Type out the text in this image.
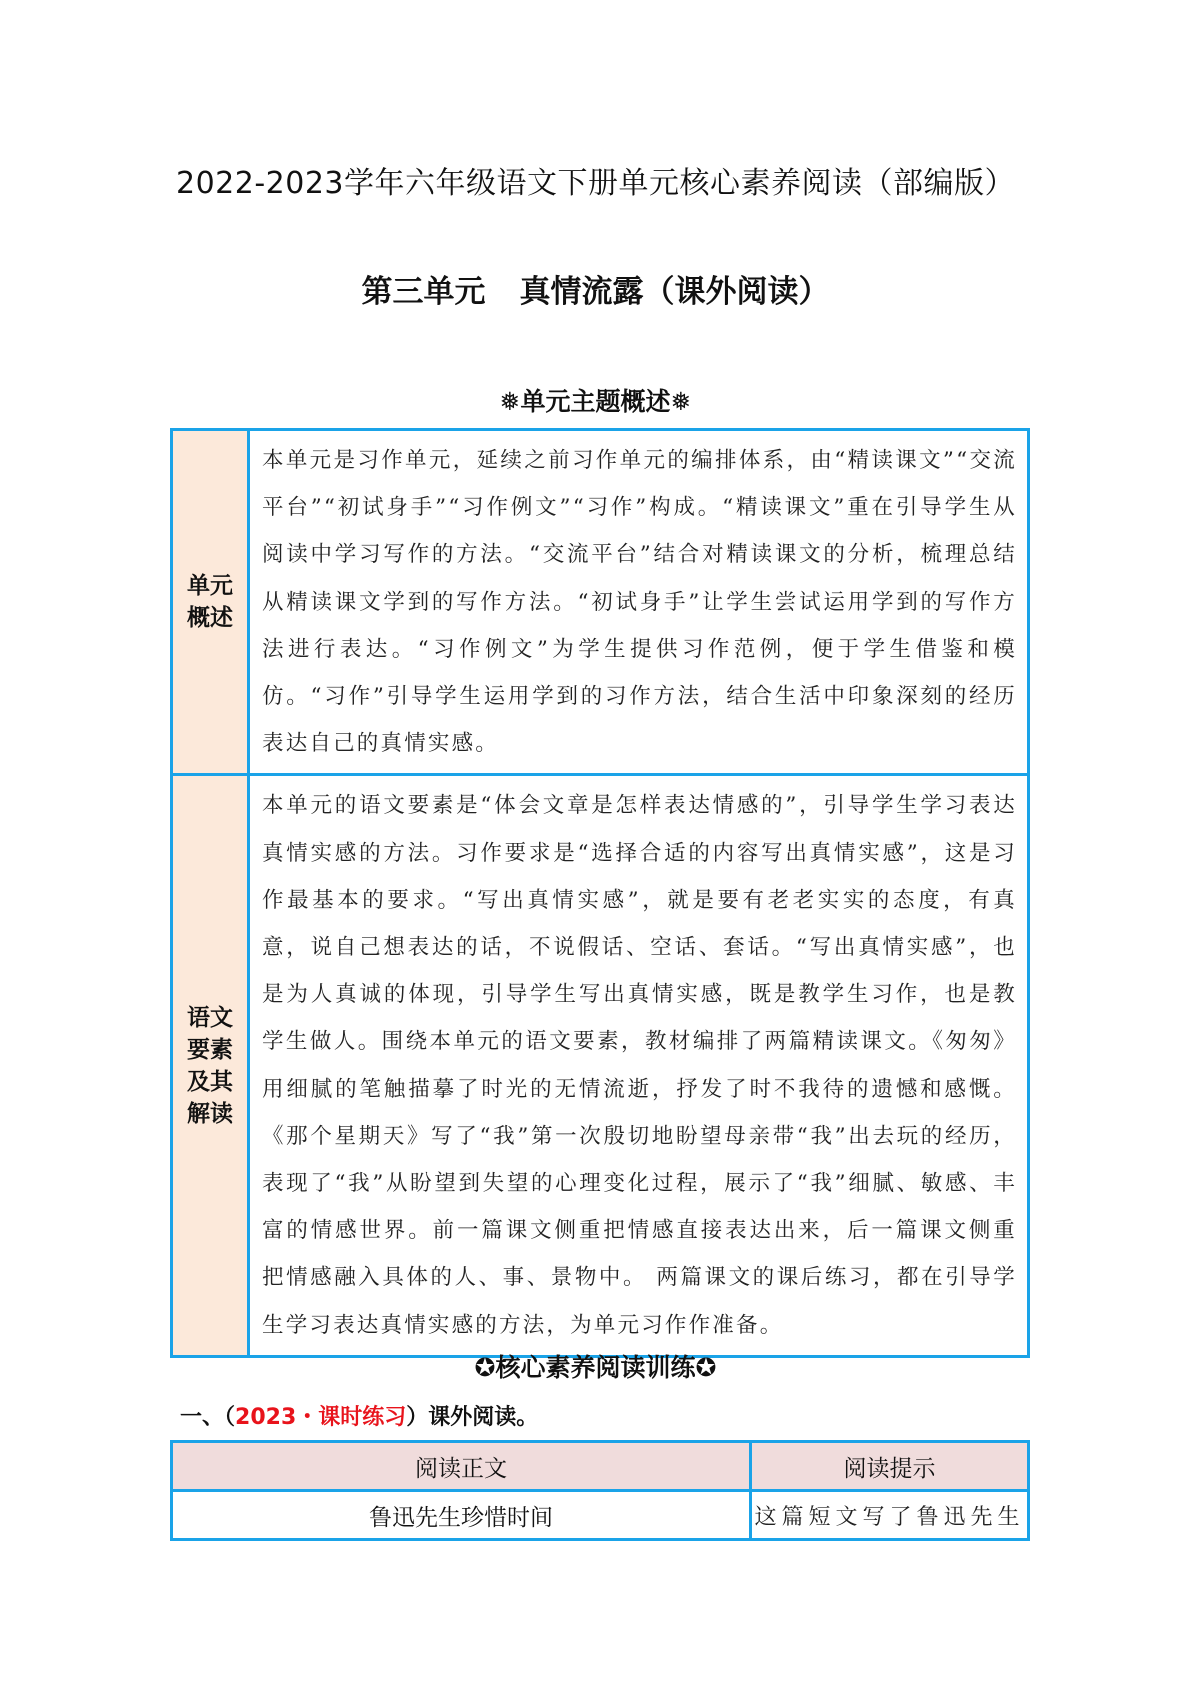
2022-2023学年六年级语文下册单元核心素养阅读（部编版）
第三单元 真情流露（课外阅读）
❅单元主题概述❅
单元概述	本单元是习作单元，延续之前习作单元的编排体系，由“精读课文”“交流平台”“初试身手”“习作例文”“习作”构成。“精读课文”重在引导学生从阅读中学习写作的方法。“交流平台”结合对精读课文的分析，梳理总结从精读课文学到的写作方法。“初试身手”让学生尝试运用学到的写作方法进行表达。“习作例文”为学生提供习作范例，便于学生借鉴和模仿。“习作”引导学生运用学到的习作方法，结合生活中印象深刻的经历表达自己的真情实感。
语文要素及其解读	本单元的语文要素是“体会文章是怎样表达情感的”，引导学生学习表达真情实感的方法。习作要求是“选择合适的内容写出真情实感”，这是习作最基本的要求。“写出真情实感”，就是要有老老实实的态度，有真意，说自己想表达的话，不说假话、空话、套话。“写出真情实感”，也是为人真诚的体现，引导学生写出真情实感，既是教学生习作，也是教学生做人。围绕本单元的语文要素，教材编排了两篇精读课文。《匆匆》用细腻的笔触描摹了时光的无情流逝，抒发了时不我待的遗憾和感慨。《那个星期天》写了“我”第一次殷切地盼望母亲带“我”出去玩的经历，表现了“我”从盼望到失望的心理变化过程，展示了“我”细腻、敏感、丰富的情感世界。前一篇课文侧重把情感直接表达出来，后一篇课文侧重把情感融入具体的人、事、景物中。 两篇课文的课后练习，都在引导学生学习表达真情实感的方法，为单元习作作准备。
✪核心素养阅读训练✪
一、（2023・课时练习）课外阅读。
阅读正文	阅读提示
鲁迅先生珍惜时间	这篇短文写了鲁迅先生
